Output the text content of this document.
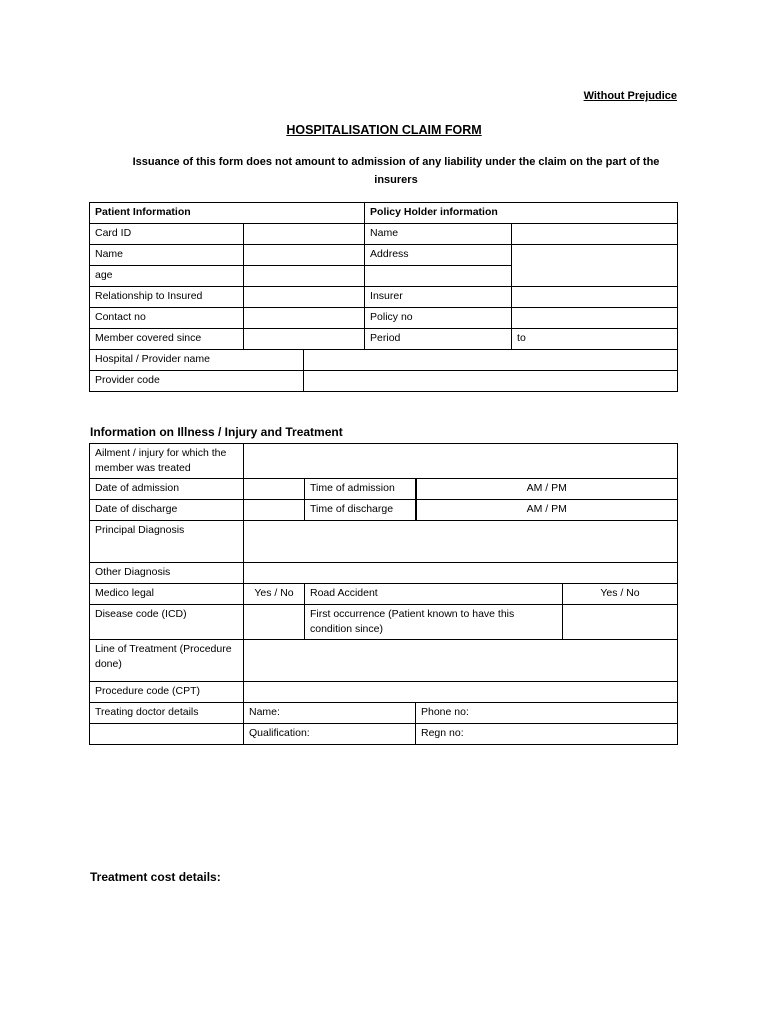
Without Prejudice
HOSPITALISATION CLAIM FORM
Issuance of this form does not amount to admission of any liability under the claim on the part of the insurers
Patient Information			Policy Holder information	
Card ID			Name	
Name			Address	
age				
Relationship to Insured			Insurer	
Contact no			Policy no	
Member covered since			Period	to
Hospital / Provider name				
Provider code				
Information on Illness / Injury and Treatment
Ailment / injury for which the member was treated				
Date of admission		Time of admission	AM / PM	
Date of discharge		Time of discharge	AM / PM	
Principal Diagnosis				
Other Diagnosis				
Medico legal	Yes / No	Road Accident		Yes / No
Disease code (ICD)		First occurrence (Patient known to have this condition since)		
Line of Treatment (Procedure done)				
Procedure code (CPT)				
Treating doctor details	Name:		Phone no:	
	Qualification:		Regn no:	
Treatment cost details:
